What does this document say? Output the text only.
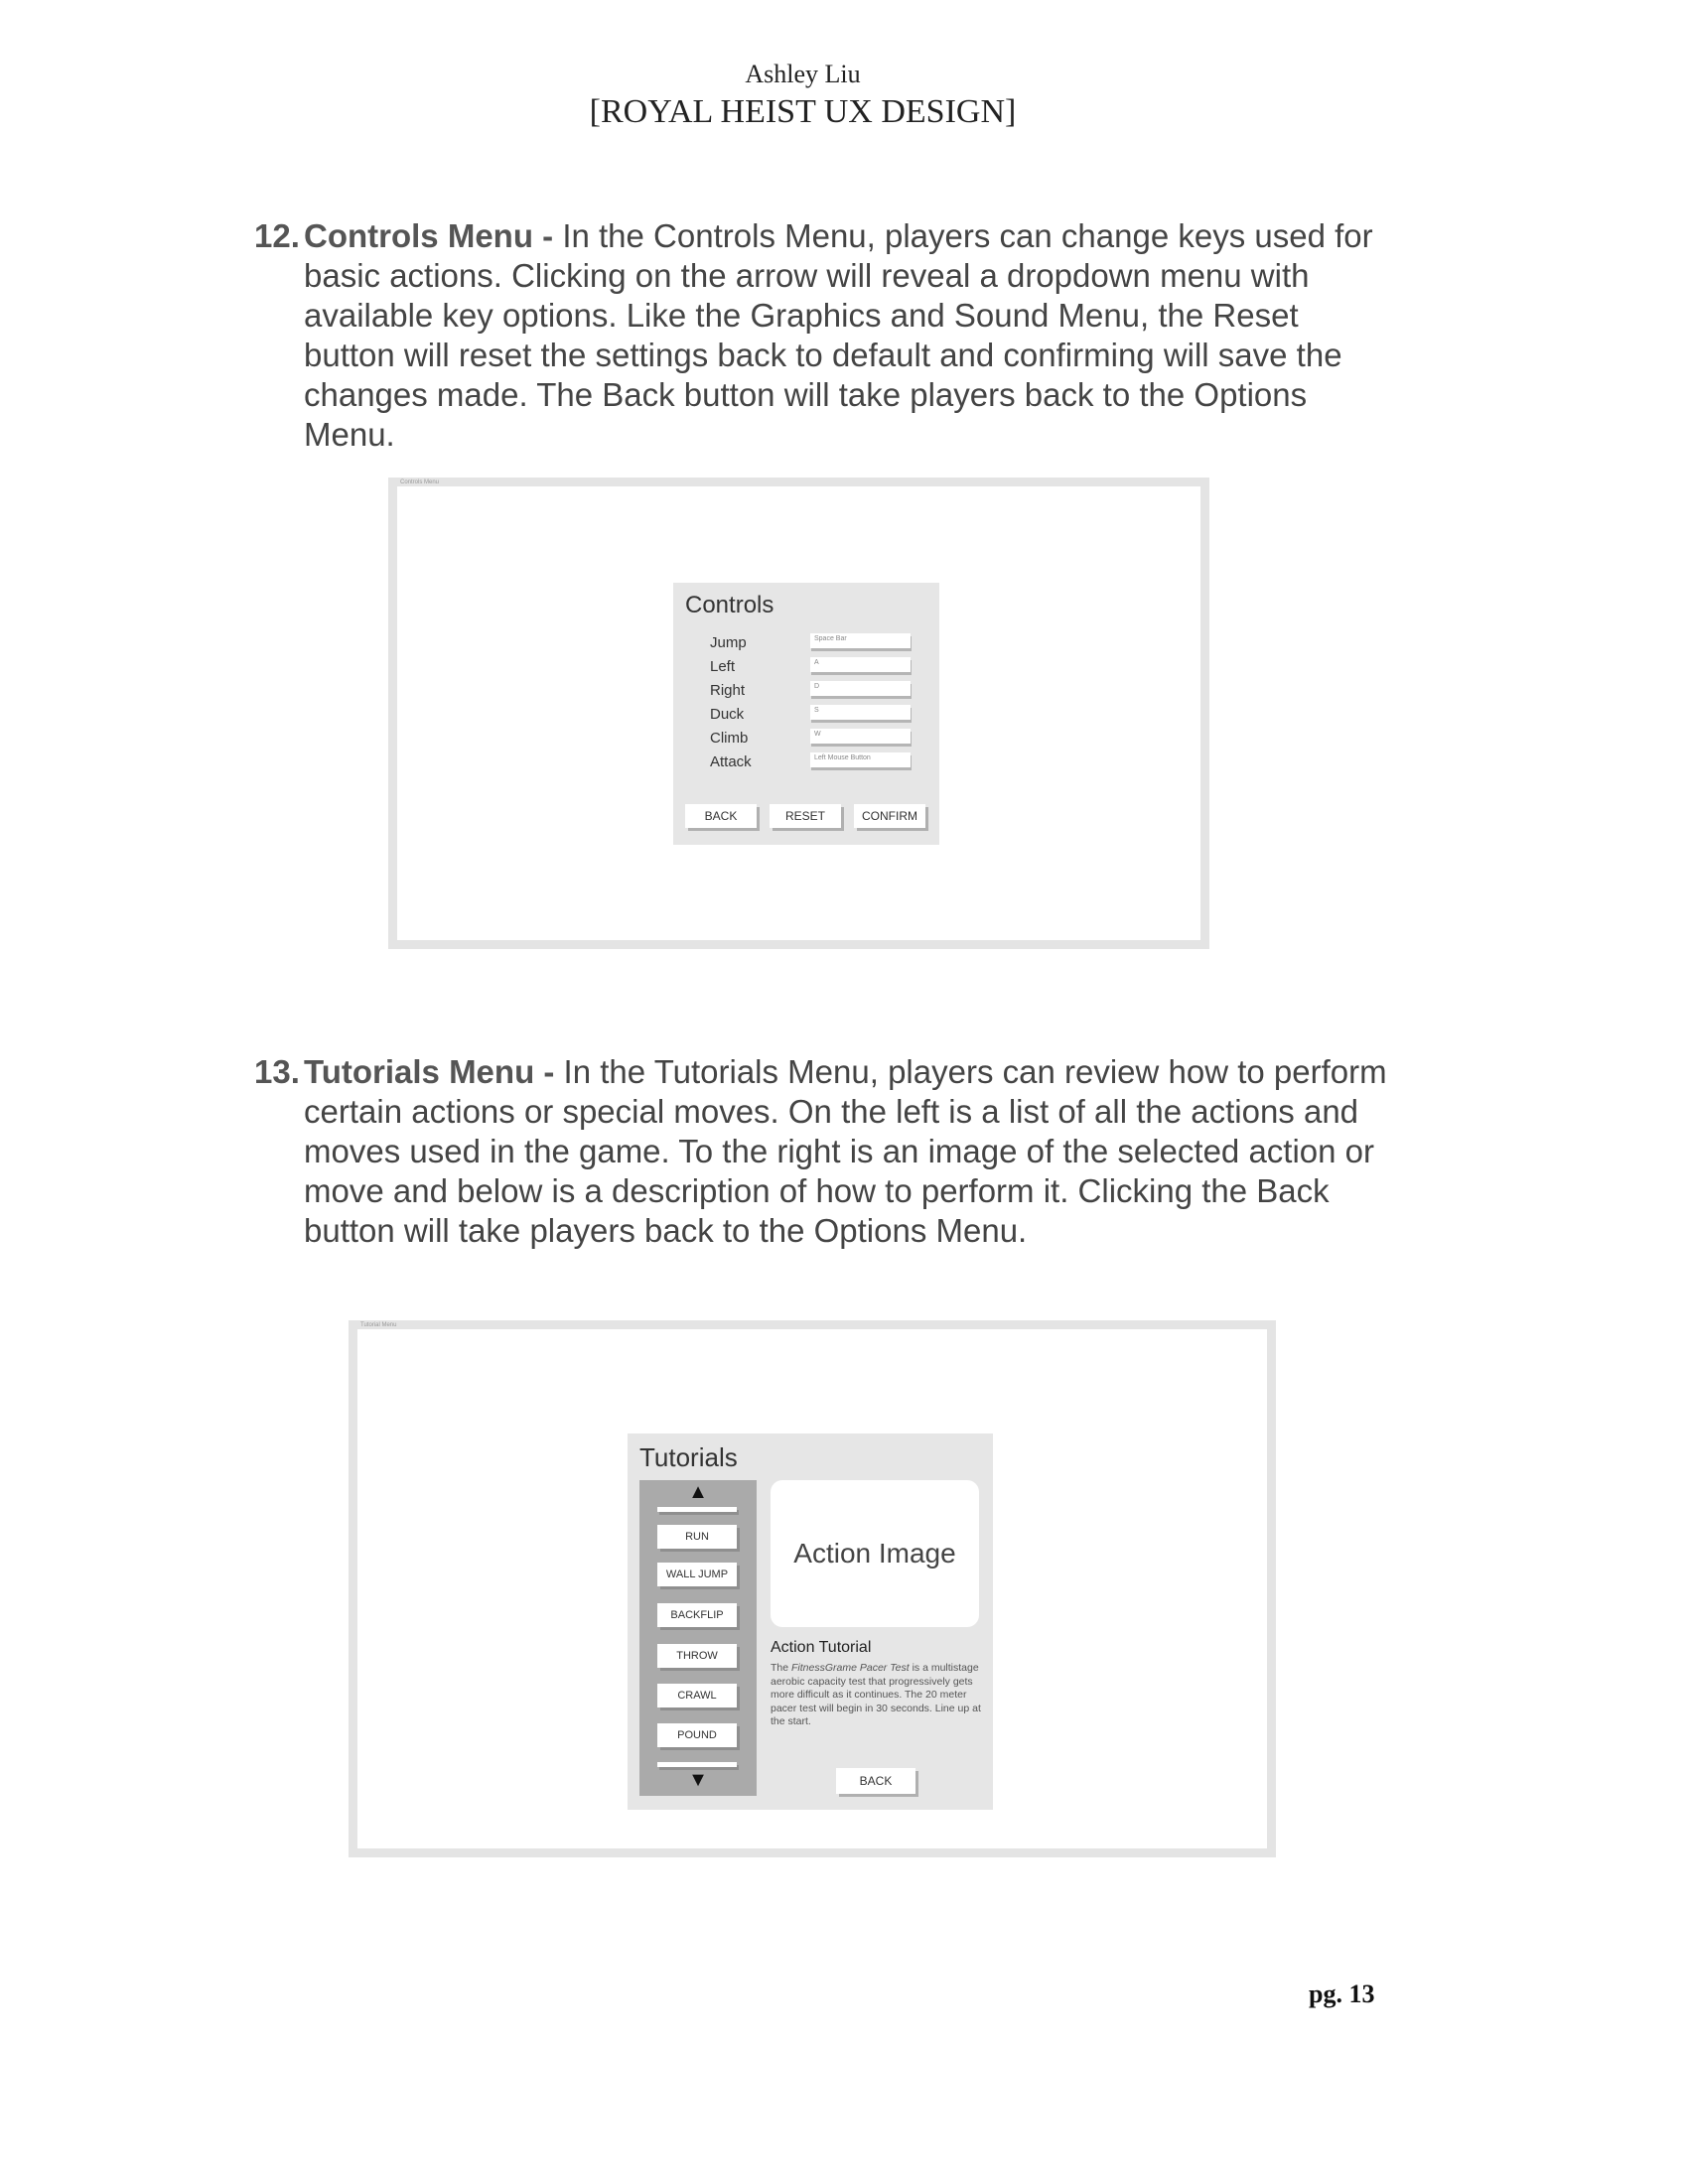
Ashley Liu
[ROYAL HEIST UX DESIGN]
12. Controls Menu - In the Controls Menu, players can change keys used for basic actions. Clicking on the arrow will reveal a dropdown menu with available key options. Like the Graphics and Sound Menu, the Reset button will reset the settings back to default and confirming will save the changes made. The Back button will take players back to the Options Menu.
Controls Menu
Controls
Jump	Space Bar
Left	A
Right	D
Duck	S
Climb	W
Attack	Left Mouse Button
BACK	RESET	CONFIRM
13. Tutorials Menu - In the Tutorials Menu, players can review how to perform certain actions or special moves. On the left is a list of all the actions and moves used in the game. To the right is an image of the selected action or move and below is a description of how to perform it. Clicking the Back button will take players back to the Options Menu.
Tutorial Menu
Tutorials
▲
RUN
WALL JUMP
BACKFLIP
THROW
CRAWL
POUND
▼
Action Image
Action Tutorial
The FitnessGrame Pacer Test is a multistage aerobic capacity test that progressively gets more difficult as it continues. The 20 meter pacer test will begin in 30 seconds. Line up at the start.
BACK
pg. 13
